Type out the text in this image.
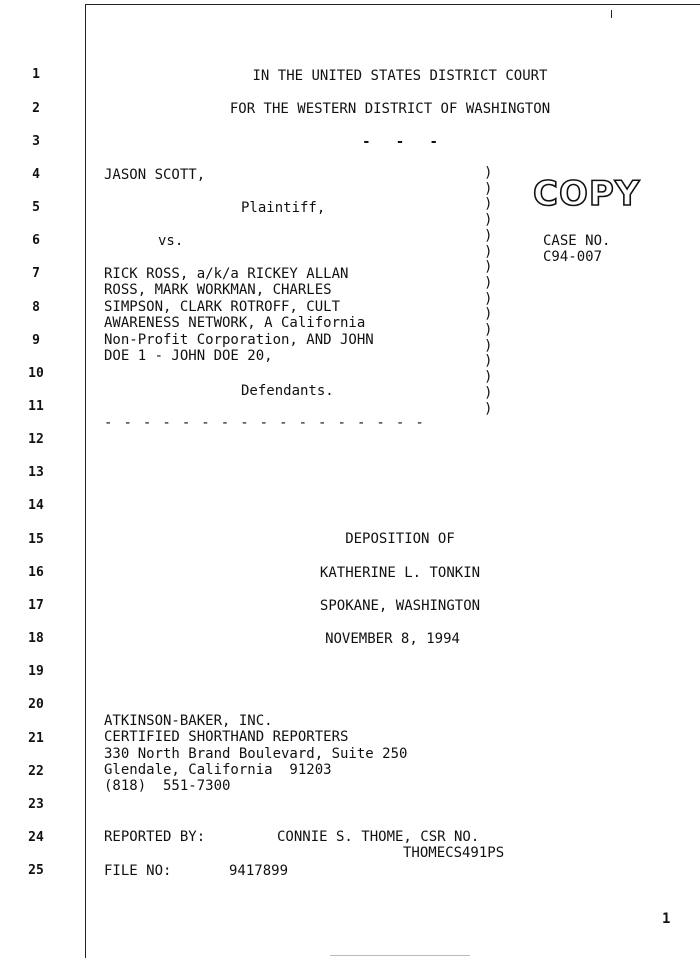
1
2
3
4
5
6
7
8
9
10
11
12
13
14
15
16
17
18
19
20
21
22
23
24
25
IN THE UNITED STATES DISTRICT COURT
FOR THE WESTERN DISTRICT OF WASHINGTON
-   -   -
JASON SCOTT,
Plaintiff,
vs.
RICK ROSS, a/k/a RICKEY ALLAN
ROSS, MARK WORKMAN, CHARLES
SIMPSON, CLARK ROTROFF, CULT
AWARENESS NETWORK, A California
Non-Profit Corporation, AND JOHN
DOE 1 - JOHN DOE 20,
Defendants.
)
)
)
)
)
)
)
)
)
)
)
)
)
)
)
)
- - - - - - - - - - - - - - - - -
COPY
CASE NO.
C94-007
DEPOSITION OF
KATHERINE L. TONKIN
SPOKANE, WASHINGTON
NOVEMBER 8, 1994
ATKINSON-BAKER, INC.
CERTIFIED SHORTHAND REPORTERS
330 North Brand Boulevard, Suite 250
Glendale, California  91203
(818)  551-7300
REPORTED BY:	CONNIE S. THOME, CSR NO.
THOMECS491PS
FILE NO:	9417899
1
